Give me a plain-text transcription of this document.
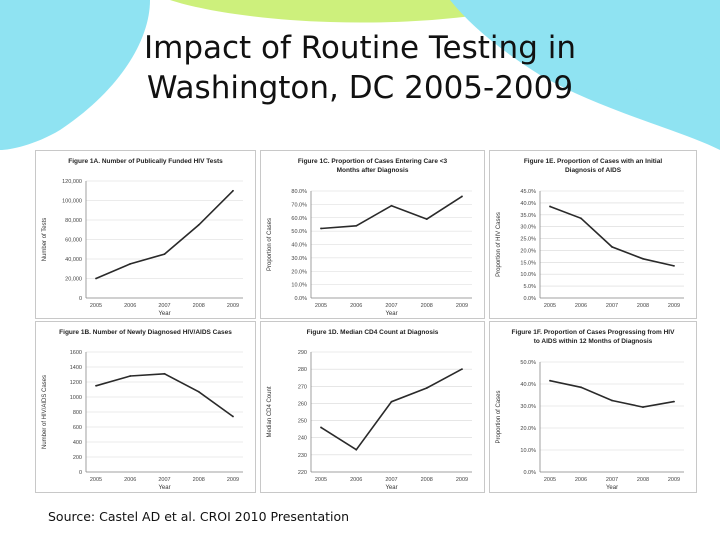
Impact of Routine Testing in
Washington, DC 2005-2009
Figure 1A. Number of Publically Funded HIV Tests
0
20,000
40,000
60,000
80,000
100,000
120,000
2005	2006	2007	2008	2009
Year
Number of Tests
Figure 1C. Proportion of Cases Entering Care <3 Months after Diagnosis
0.0%
10.0%
20.0%
30.0%
40.0%
50.0%
60.0%
70.0%
80.0%
2005	2006	2007	2008	2009
Year
Proportion of Cases
Figure 1E. Proportion of Cases with an Initial Diagnosis of AIDS
0.0%
5.0%
10.0%
15.0%
20.0%
25.0%
30.0%
35.0%
40.0%
45.0%
2005	2006	2007	2008	2009
Proportion of HIV Cases
Figure 1B. Number of Newly Diagnosed HIV/AIDS Cases
0
200
400
600
800
1000
1200
1400
1600
2005	2006	2007	2008	2009
Year
Number of HIV/AIDS Cases
Figure 1D. Median CD4 Count at Diagnosis
220
230
240
250
260
270
280
290
2005	2006	2007	2008	2009
Year
Median CD4 Count
Figure 1F. Proportion of Cases Progressing from HIV to AIDS within 12 Months of Diagnosis
0.0%
10.0%
20.0%
30.0%
40.0%
50.0%
2005	2006	2007	2008	2009
Year
Proportion of Cases
Source: Castel AD et al. CROI 2010 Presentation
